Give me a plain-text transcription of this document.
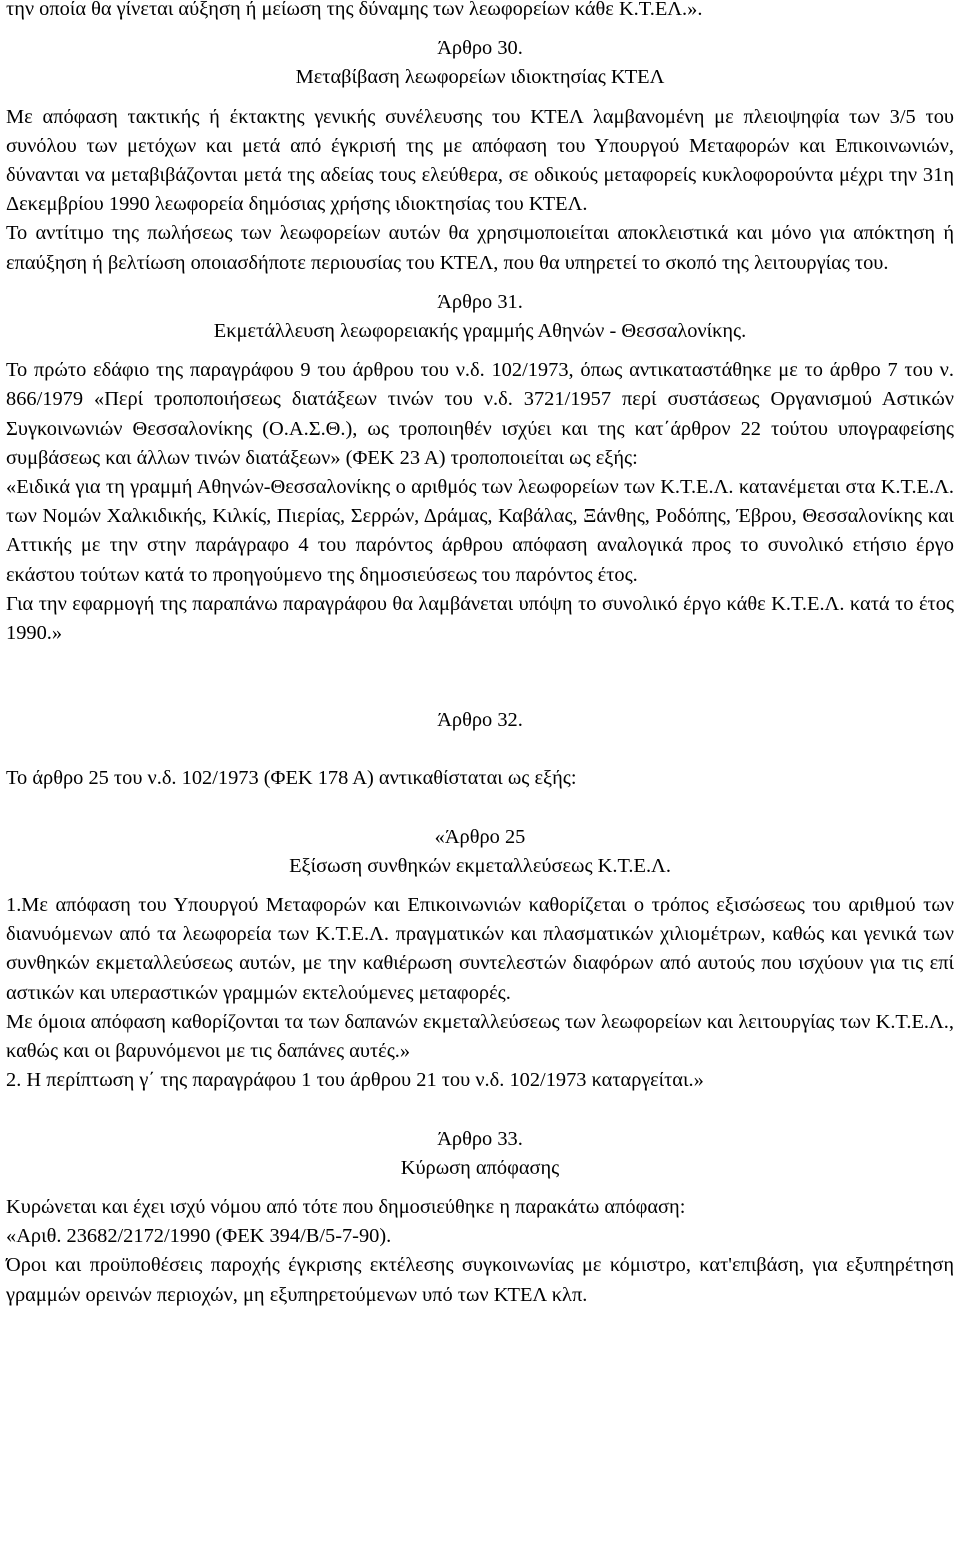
την οποία θα γίνεται αύξηση ή μείωση της δύναμης των λεωφορείων κάθε Κ.Τ.ΕΛ.».

Άρθρο 30.

Μεταβίβαση λεωφορείων ιδιοκτησίας ΚΤΕΛ

Με απόφαση τακτικής ή έκτακτης γενικής συνέλευσης του ΚΤΕΛ λαμβανομένη με πλειοψηφία των 3/5 του συνόλου των μετόχων και μετά από έγκρισή της με απόφαση του Υπουργού Μεταφορών και Επικοινωνιών, δύνανται να μεταβιβάζονται μετά της αδείας τους ελεύθερα, σε οδικούς μεταφορείς κυκλοφορούντα μέχρι την 31η Δεκεμβρίου 1990 λεωφορεία δημόσιας χρήσης ιδιοκτησίας του ΚΤΕΛ.

Το αντίτιμο της πωλήσεως των λεωφορείων αυτών θα χρησιμοποιείται αποκλειστικά και μόνο για απόκτηση ή επαύξηση ή βελτίωση οποιασδήποτε περιουσίας του ΚΤΕΛ, που θα υπηρετεί το σκοπό της λειτουργίας του.

Άρθρο 31.

Εκμετάλλευση λεωφορειακής γραμμής Αθηνών - Θεσσαλονίκης.

Το πρώτο εδάφιο της παραγράφου 9 του άρθρου του ν.δ. 102/1973, όπως αντικαταστάθηκε με το άρθρο 7 του ν. 866/1979 «Περί τροποποιήσεως διατάξεων τινών του ν.δ. 3721/1957 περί συστάσεως Οργανισμού Αστικών Συγκοινωνιών Θεσσαλονίκης (Ο.Α.Σ.Θ.), ως τροποιηθέν ισχύει και της κατ΄άρθρον 22 τούτου υπογραφείσης συμβάσεως και άλλων τινών διατάξεων» (ΦΕΚ 23 Α) τροποποιείται ως εξής:

«Ειδικά για τη γραμμή Αθηνών-Θεσσαλονίκης ο αριθμός των λεωφορείων των Κ.Τ.Ε.Λ. κατανέμεται στα Κ.Τ.Ε.Λ. των Νομών Χαλκιδικής, Κιλκίς, Πιερίας, Σερρών, Δράμας, Καβάλας, Ξάνθης, Ροδόπης, Έβρου, Θεσσαλονίκης και Αττικής με την στην παράγραφο 4 του παρόντος άρθρου απόφαση αναλογικά προς το συνολικό ετήσιο έργο εκάστου τούτων κατά το προηγούμενο της δημοσιεύσεως του παρόντος έτος.

Για την εφαρμογή της παραπάνω παραγράφου θα λαμβάνεται υπόψη το συνολικό έργο κάθε Κ.Τ.Ε.Λ. κατά το έτος 1990.»

Άρθρο 32.

Το άρθρο 25 του ν.δ. 102/1973 (ΦΕΚ 178 Α) αντικαθίσταται ως εξής:

«Άρθρο 25

Εξίσωση συνθηκών εκμεταλλεύσεως Κ.Τ.Ε.Λ.

1.Με απόφαση του Υπουργού Μεταφορών και Επικοινωνιών καθορίζεται ο τρόπος εξισώσεως του αριθμού των διανυόμενων από τα λεωφορεία των Κ.Τ.Ε.Λ. πραγματικών και πλασματικών χιλιομέτρων, καθώς και γενικά των συνθηκών εκμεταλλεύσεως αυτών, με την καθιέρωση συντελεστών διαφόρων από αυτούς που ισχύουν για τις επί αστικών και υπεραστικών γραμμών εκτελούμενες μεταφορές.

Με όμοια απόφαση καθορίζονται τα των δαπανών εκμεταλλεύσεως των λεωφορείων και λειτουργίας των Κ.Τ.Ε.Λ., καθώς και οι βαρυνόμενοι με τις δαπάνες αυτές.»

2. Η περίπτωση γ΄ της παραγράφου 1 του άρθρου 21 του ν.δ. 102/1973 καταργείται.»

Άρθρο 33.

Κύρωση απόφασης

Κυρώνεται και έχει ισχύ νόμου από τότε που δημοσιεύθηκε η παρακάτω απόφαση:

«Αριθ. 23682/2172/1990 (ΦΕΚ 394/Β/5-7-90).

Όροι και προϋποθέσεις παροχής έγκρισης εκτέλεσης συγκοινωνίας με κόμιστρο, κατ'επιβάση, για εξυπηρέτηση γραμμών ορεινών περιοχών, μη εξυπηρετούμενων υπό των ΚΤΕΛ κλπ.
